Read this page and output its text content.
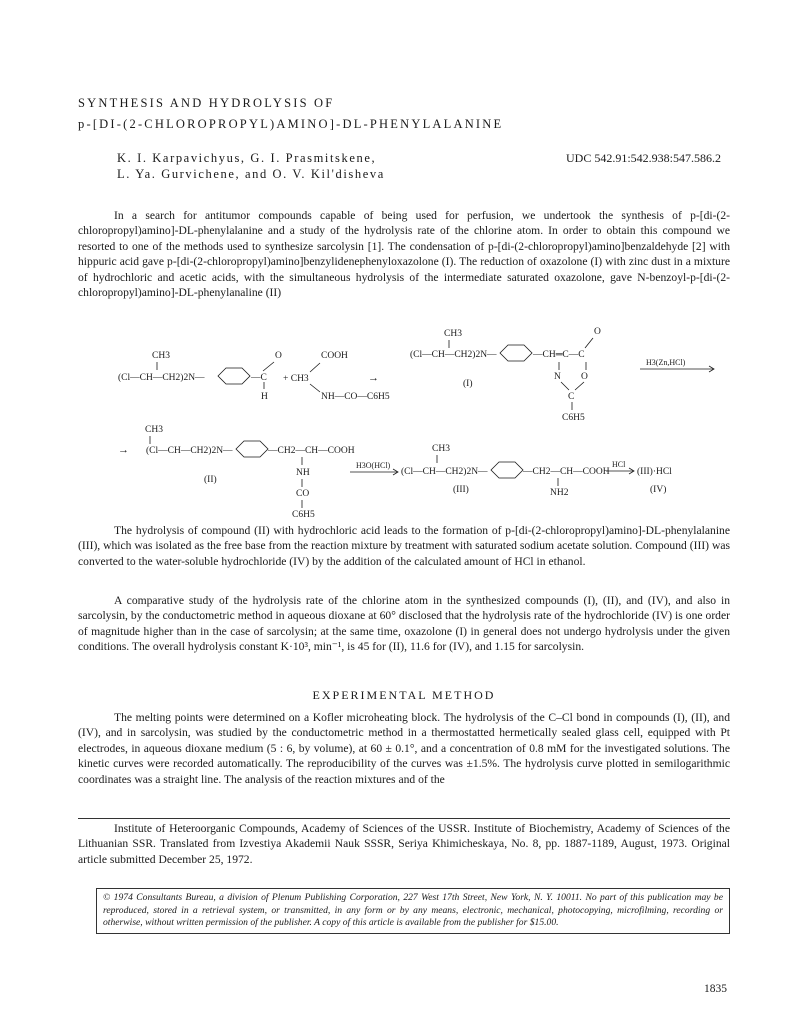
SYNTHESIS AND HYDROLYSIS OF
p-[DI-(2-CHLOROPROPYL)AMINO]-DL-PHENYLALANINE
K. I. Karpavichyus, G. I. Prasmitskene,
L. Ya. Gurvichene, and O. V. Kil'disheva
UDC 542.91:542.938:547.586.2
In a search for antitumor compounds capable of being used for perfusion, we undertook the synthesis of p-[di-(2-chloropropyl)amino]-DL-phenylalanine and a study of the hydrolysis rate of the chlorine atom. In order to obtain this compound we resorted to one of the methods used to synthesize sarcolysin [1]. The condensation of p-[di-(2-chloropropyl)amino]benzaldehyde [2] with hippuric acid gave p-[di-(2-chloropropyl)amino]benzylidenephenyloxazolone (I). The reduction of oxazolone (I) with zinc dust in a mixture of hydrochloric and acetic acids, with the simultaneous hydrolysis of the intermediate saturated oxazolone, gave N-benzoyl-p-[di-(2-chloropropyl)amino]-DL-phenylanaline (II)
CH3
(Cl—CH—CH2)2N—	—C
O
H
+ CH3
COOH
NH—CO—C6H5
→
CH3
(Cl—CH—CH2)2N—	—CH═C—C
O
N O
C
C6H5
(I)
H3(Zn,HCl)
CH3
→ (Cl—CH—CH2)2N—	—CH2—CH—COOH
NH
CO
C6H5
(II)
H3O(HCl)
CH3
(Cl—CH—CH2)2N—	—CH2—CH—COOH
NH2
(III)
HCl
(III)·HCl
(IV)
The hydrolysis of compound (II) with hydrochloric acid leads to the formation of p-[di-(2-chloropropyl)amino]-DL-phenylalanine (III), which was isolated as the free base from the reaction mixture by treatment with saturated sodium acetate solution. Compound (III) was converted to the water-soluble hydrochloride (IV) by the addition of the calculated amount of HCl in ethanol.
A comparative study of the hydrolysis rate of the chlorine atom in the synthesized compounds (I), (II), and (IV), and also in sarcolysin, by the conductometric method in aqueous dioxane at 60° disclosed that the hydrolysis rate of the hydrochloride (IV) is one order of magnitude higher than in the case of sarcolysin; at the same time, oxazolone (I) in general does not undergo hydrolysis under the given conditions. The overall hydrolysis constant K·10³, min⁻¹, is 45 for (II), 11.6 for (IV), and 1.15 for sarcolysin.
EXPERIMENTAL METHOD
The melting points were determined on a Kofler microheating block. The hydrolysis of the C–Cl bond in compounds (I), (II), and (IV), and in sarcolysin, was studied by the conductometric method in a thermostatted hermetically sealed glass cell, equipped with Pt electrodes, in aqueous dioxane medium (5 : 6, by volume), at 60 ± 0.1°, and a concentration of 0.8 mM for the investigated solutions. The kinetic curves were recorded automatically. The reproducibility of the curves was ±1.5%. The hydrolysis curve plotted in semilogarithmic coordinates was a straight line. The analysis of the reaction mixtures and of the
Institute of Heteroorganic Compounds, Academy of Sciences of the USSR. Institute of Biochemistry, Academy of Sciences of the Lithuanian SSR. Translated from Izvestiya Akademii Nauk SSSR, Seriya Khimicheskaya, No. 8, pp. 1887-1189, August, 1973. Original article submitted December 25, 1972.
© 1974 Consultants Bureau, a division of Plenum Publishing Corporation, 227 West 17th Street, New York, N. Y. 10011. No part of this publication may be reproduced, stored in a retrieval system, or transmitted, in any form or by any means, electronic, mechanical, photocopying, microfilming, recording or otherwise, without written permission of the publisher. A copy of this article is available from the publisher for $15.00.
1835
